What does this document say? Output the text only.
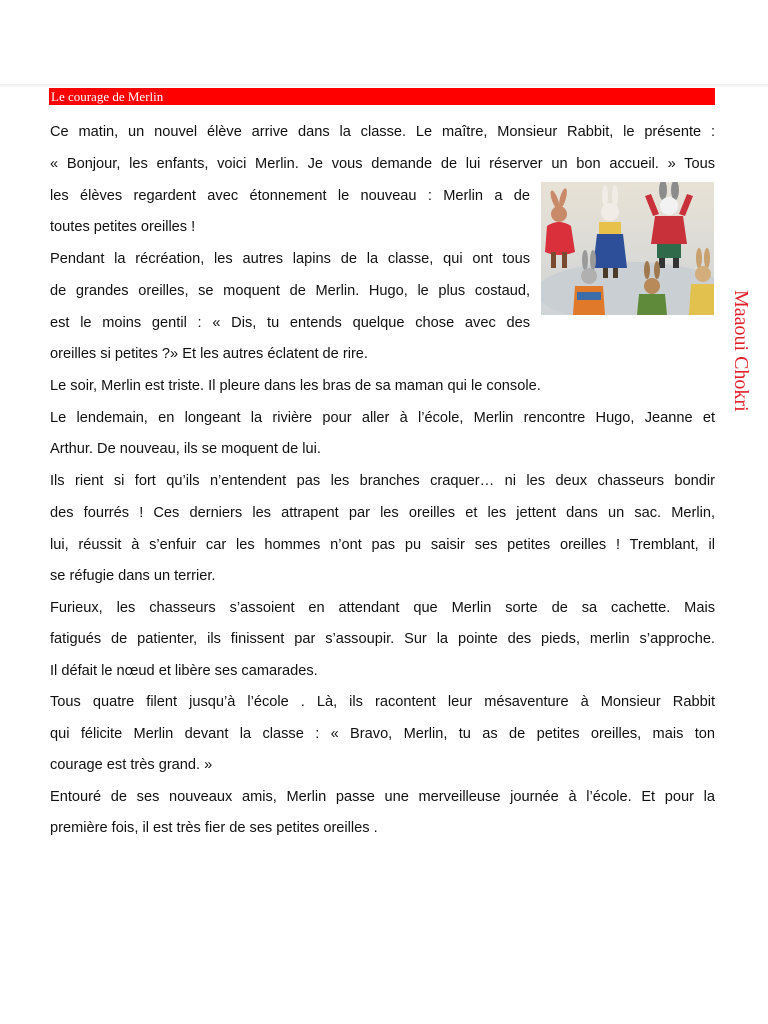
Le courage de Merlin
Ce matin, un nouvel élève arrive dans la classe. Le maître, Monsieur Rabbit, le présente :
« Bonjour, les enfants, voici Merlin. Je vous demande de lui réserver un bon accueil. » Tous
les élèves regardent avec étonnement le nouveau : Merlin a de
toutes petites oreilles !
Pendant la récréation, les autres lapins de la classe, qui ont tous
de grandes oreilles, se moquent de Merlin. Hugo, le plus costaud,
est le moins gentil : « Dis, tu entends quelque chose avec des
oreilles si petites ?» Et les autres éclatent de rire.
Le soir, Merlin est triste. Il pleure dans les bras de sa maman qui le console.
Le lendemain, en longeant la rivière pour aller à l’école, Merlin rencontre Hugo, Jeanne et
Arthur. De nouveau, ils se moquent de lui.
Ils rient si fort qu’ils n’entendent pas les branches craquer… ni les deux chasseurs bondir
des fourrés ! Ces derniers les attrapent par les oreilles et les jettent dans un sac. Merlin,
lui, réussit à s’enfuir car les hommes n’ont pas pu saisir ses petites oreilles ! Tremblant, il
se réfugie dans un terrier.
Furieux, les chasseurs s’assoient en attendant que Merlin sorte de sa cachette. Mais
fatigués de patienter, ils finissent par s’assoupir. Sur la pointe des pieds, merlin s’approche.
Il défait le nœud et libère ses camarades.
Tous quatre filent jusqu’à l’école . Là, ils racontent leur mésaventure à Monsieur Rabbit
qui félicite Merlin devant la classe : « Bravo, Merlin, tu as de petites oreilles, mais ton
courage est très grand. »
Entouré de ses nouveaux amis, Merlin passe une merveilleuse journée à l’école. Et pour la
première fois, il est très fier de ses petites oreilles .
Maaoui Chokri
